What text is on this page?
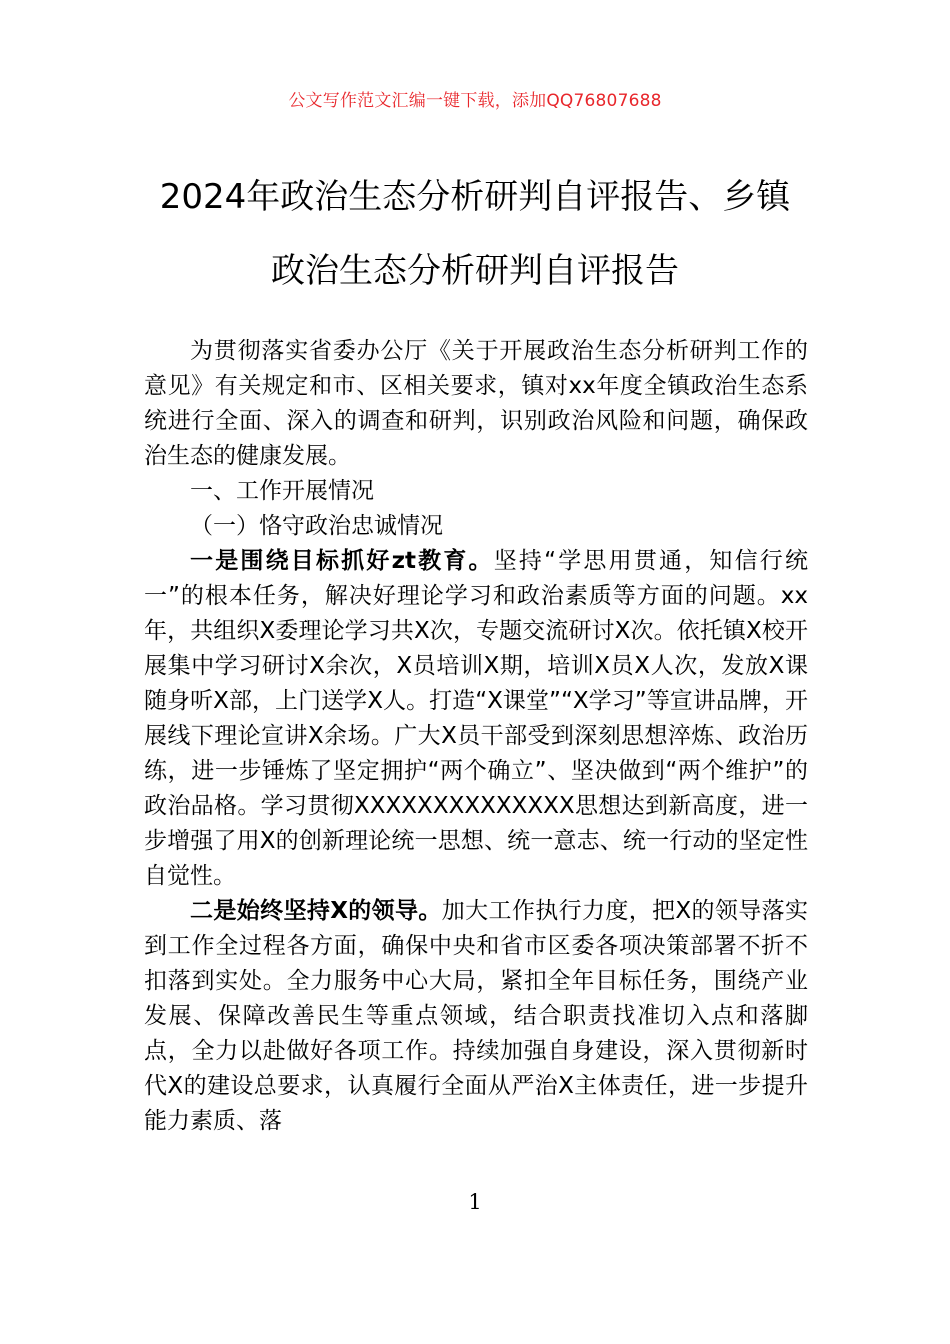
公文写作范文汇编一键下载，添加QQ76807688
2024年政治生态分析研判自评报告、乡镇
政治生态分析研判自评报告

为贯彻落实省委办公厅《关于开展政治生态分析研判工作的意见》有关规定和市、区相关要求，镇对xx年度全镇政治生态系统进行全面、深入的调查和研判，识别政治风险和问题，确保政治生态的健康发展。

一、工作开展情况

（一）恪守政治忠诚情况

一是围绕目标抓好zt教育。坚持“学思用贯通，知信行统一”的根本任务，解决好理论学习和政治素质等方面的问题。xx年，共组织X委理论学习共X次，专题交流研讨X次。依托镇X校开展集中学习研讨X余次，X员培训X期，培训X员X人次，发放X课随身听X部，上门送学X人。打造“X课堂”“X学习”等宣讲品牌，开展线下理论宣讲X余场。广大X员干部受到深刻思想淬炼、政治历练，进一步锤炼了坚定拥护“两个确立”、坚决做到“两个维护”的政治品格。学习贯彻XXXXXXXXXXXXXX思想达到新高度，进一步增强了用X的创新理论统一思想、统一意志、统一行动的坚定性自觉性。

二是始终坚持X的领导。加大工作执行力度，把X的领导落实到工作全过程各方面，确保中央和省市区委各项决策部署不折不扣落到实处。全力服务中心大局，紧扣全年目标任务，围绕产业发展、保障改善民生等重点领域，结合职责找准切入点和落脚点，全力以赴做好各项工作。持续加强自身建设，深入贯彻新时代X的建设总要求，认真履行全面从严治X主体责任，进一步提升能力素质、落

1
